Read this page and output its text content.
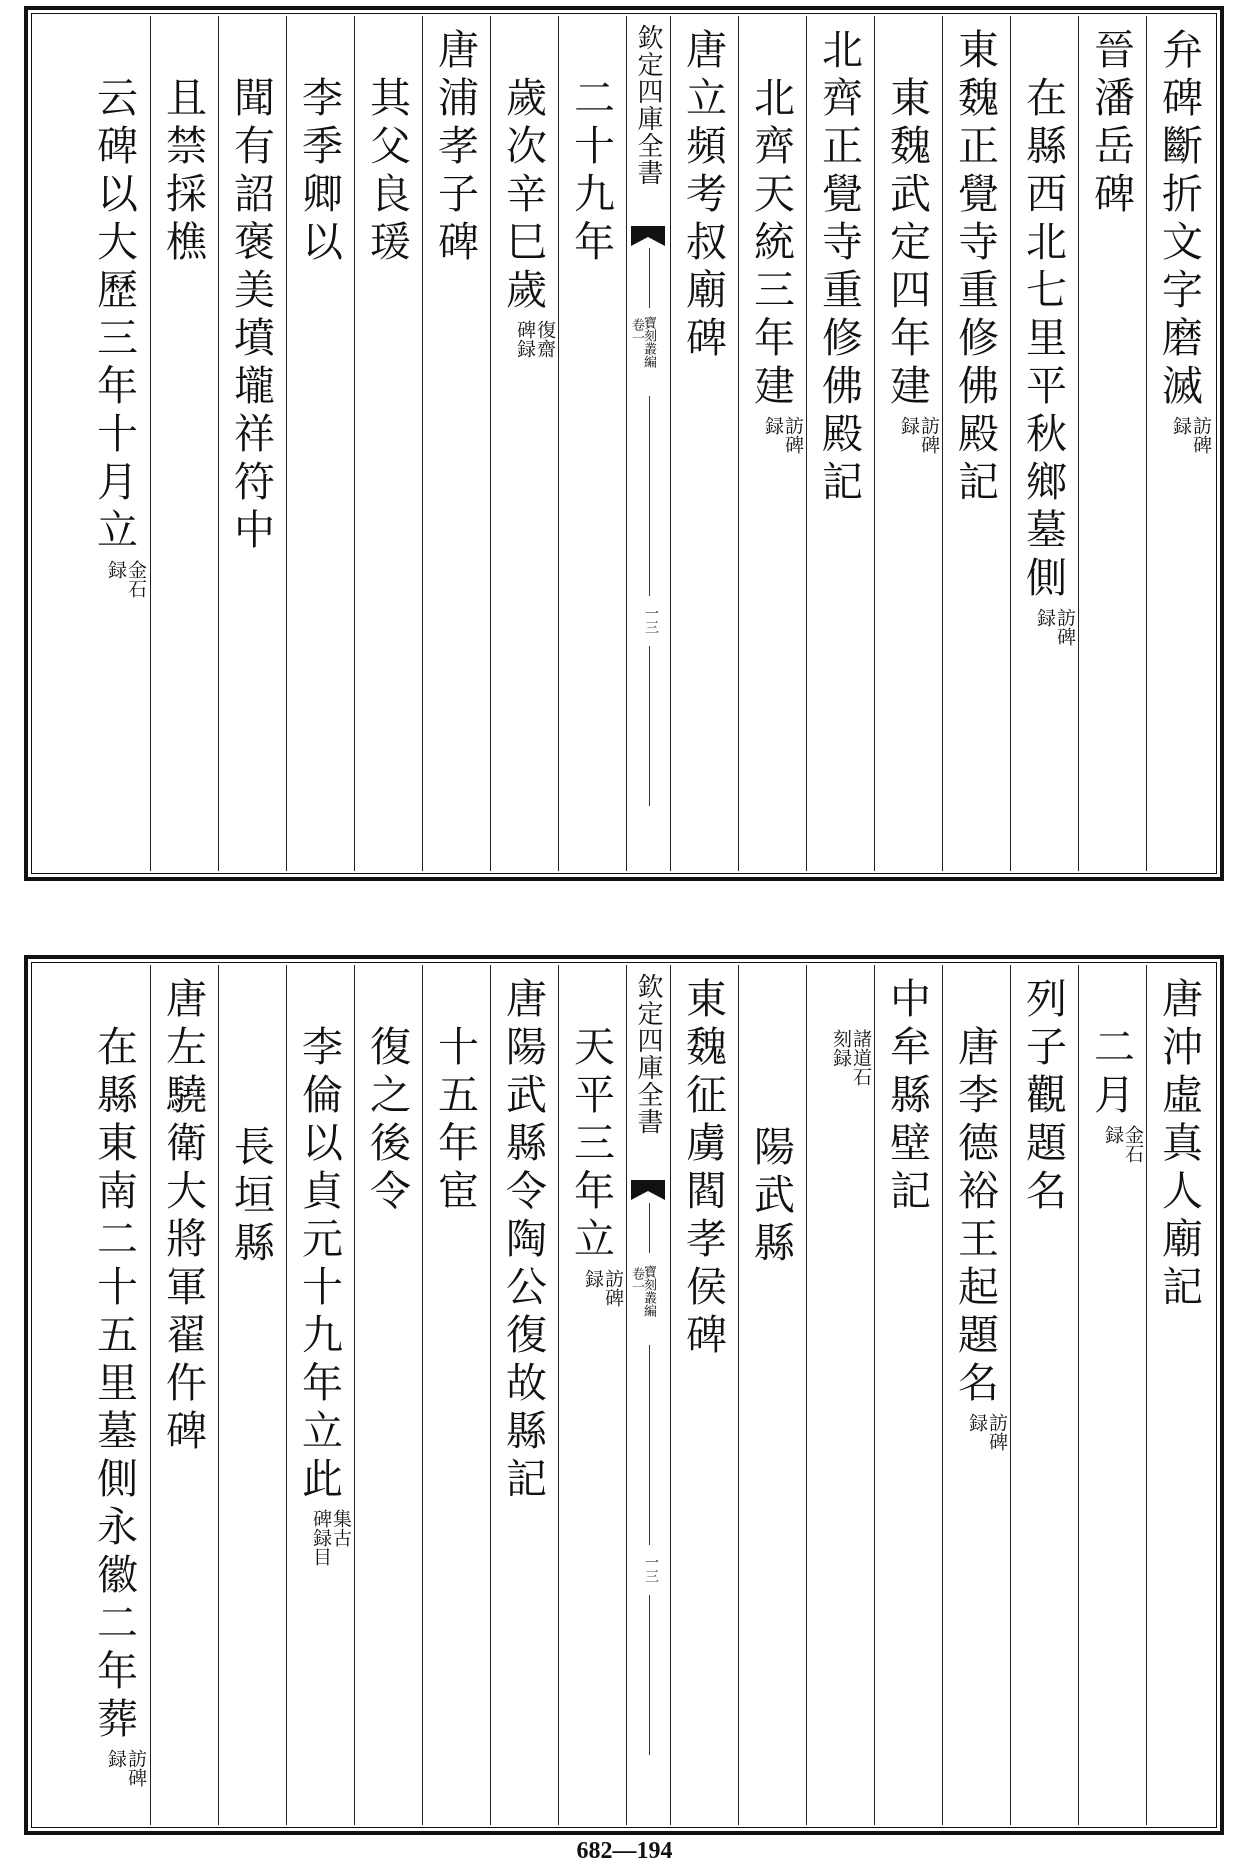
弁碑斷折文字磨滅
訪碑
録
晉潘岳碑
在縣西北七里平秋鄉墓側
訪碑
録
東魏正覺寺重修佛殿記
東魏武定四年建
訪碑
録
北齊正覺寺重修佛殿記
北齊天統三年建
訪碑
録
唐立頻考叔廟碑
欽定四庫全書
寶刻叢編
卷一
一三
二十九年
歲次辛巳歲
復齋
碑録
唐浦孝子碑
其父良瑗
李季卿以
聞有詔褒美墳壠祥符中
且禁採樵
云碑以大歷三年十月立
金石
録
唐沖虛真人廟記
二月
金石
録
列子觀題名
唐李德裕王起題名
訪碑
録
中牟縣壁記
諸道石
刻録
陽武縣
東魏征虜閻孝侯碑
欽定四庫全書
寶刻叢編
卷一
一三
天平三年立
訪碑
録
唐陽武縣令陶公復故縣記
十五年宦
復之後令
李倫以貞元十九年立此
集古
碑録目
長垣縣
唐左驍衛大將軍翟仵碑
在縣東南二十五里墓側永徽二年葬
訪碑
録
682—194
